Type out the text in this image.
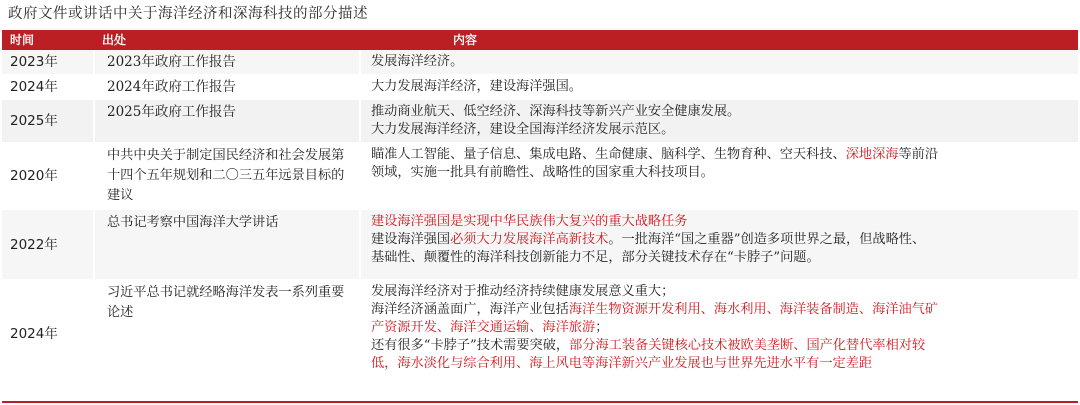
政府文件或讲话中关于海洋经济和深海科技的部分描述
时间	出处	内容
2023年	2023年政府工作报告	发展海洋经济。

2024年	2024年政府工作报告	大力发展海洋经济，建设海洋强国。

2025年	2025年政府工作报告	推动商业航天、低空经济、深海科技等新兴产业安全健康发展。
大力发展海洋经济，建设全国海洋经济发展示范区。

2020年	中共中央关于制定国民经济和社会发展第十四个五年规划和二〇三五年远景目标的建议	瞄准人工智能、量子信息、集成电路、生命健康、脑科学、生物育种、空天科技、深地深海等前沿
领域，实施一批具有前瞻性、战略性的国家重大科技项目。

2022年	总书记考察中国海洋大学讲话	建设海洋强国是实现中华民族伟大复兴的重大战略任务
建设海洋强国必须大力发展海洋高新技术。一批海洋“国之重器”创造多项世界之最，但战略性、
基础性、颠覆性的海洋科技创新能力不足，部分关键技术存在“卡脖子”问题。

2024年	习近平总书记就经略海洋发表一系列重要论述	发展海洋经济对于推动经济持续健康发展意义重大；
海洋经济涵盖面广，海洋产业包括海洋生物资源开发利用、海水利用、海洋装备制造、海洋油气矿
产资源开发、海洋交通运输、海洋旅游；
还有很多“卡脖子”技术需要突破，部分海工装备关键核心技术被欧美垄断、国产化替代率相对较
低，海水淡化与综合利用、海上风电等海洋新兴产业发展也与世界先进水平有一定差距
